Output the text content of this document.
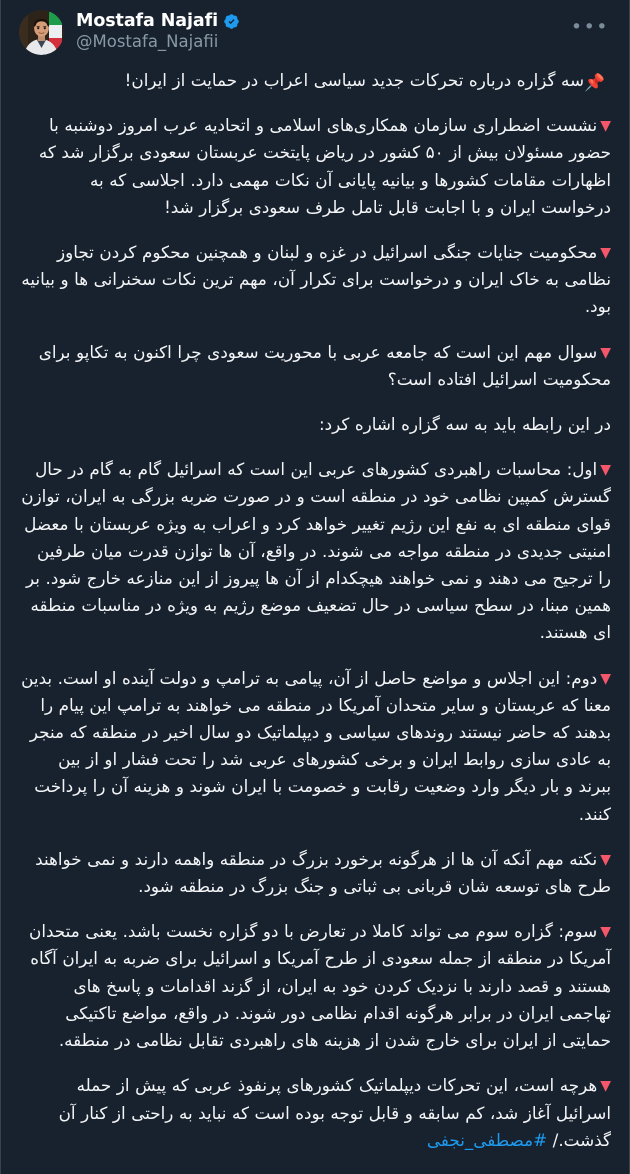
•••
Mostafa Najafi
@Mostafa_Najafii

📌سه گزاره درباره تحرکات جدید سیاسی اعراب در حمایت از ایران!

▼نشست اضطراری سازمان همکاری‌های اسلامی و اتحادیه عرب امروز دوشنبه با حضور مسئولان بیش از ۵۰ کشور در ریاض پایتخت عربستان سعودی برگزار شد که اظهارات مقامات کشورها و بیانیه پایانی آن نکات مهمی دارد. اجلاسی که به درخواست ایران و با اجابت قابل تامل طرف سعودی برگزار شد!

▼محکومیت جنایات جنگی اسرائیل در غزه و لبنان و همچنین محکوم کردن تجاوز نظامی به خاک ایران و درخواست برای تکرار آن، مهم ترین نکات سخنرانی ها و بیانیه بود.

▼سوال مهم این است که جامعه عربی با محوریت سعودی چرا اکنون به تکاپو برای محکومیت اسرائیل افتاده است؟

در این رابطه باید به سه گزاره اشاره کرد:

▼اول: محاسبات راهبردی کشورهای عربی این است که اسرائیل گام به گام در حال گسترش کمپین نظامی خود در منطقه است و در صورت ضربه بزرگی به ایران، توازن قوای منطقه ای به نفع این رژیم تغییر خواهد کرد و اعراب به ویژه عربستان با معضل امنیتی جدیدی در منطقه مواجه می شوند. در واقع، آن ها توازن قدرت میان طرفین را ترجیح می دهند و نمی خواهند هیچکدام از آن ها پیروز از این منازعه خارج شود. بر همین مبنا، در سطح سیاسی در حال تضعیف موضع رژیم به ویژه در مناسبات منطقه ای هستند.

▼دوم: این اجلاس و مواضع حاصل از آن، پیامی به ترامپ و دولت آینده او است. بدین معنا که عربستان و سایر متحدان آمریکا در منطقه می خواهند به ترامپ این پیام را بدهند که حاضر نیستند روندهای سیاسی و دیپلماتیک دو سال اخیر در منطقه که منجر به عادی سازی روابط ایران و برخی کشورهای عربی شد را تحت فشار او از بین ببرند و بار دیگر وارد وضعیت رقابت و خصومت با ایران شوند و هزینه آن را پرداخت کنند.

▼نکته مهم آنکه آن ها از هرگونه برخورد بزرگ در منطقه واهمه دارند و نمی خواهند طرح های توسعه شان قربانی بی ثباتی و جنگ بزرگ در منطقه شود.

▼سوم: گزاره سوم می تواند کاملا در تعارض با دو گزاره نخست باشد. یعنی متحدان آمریکا در منطقه از جمله سعودی از طرح آمریکا و اسرائیل برای ضربه به ایران آگاه هستند و قصد دارند با نزدیک کردن خود به ایران، از گزند اقدامات و پاسخ های تهاجمی ایران در برابر هرگونه اقدام نظامی دور شوند. در واقع، مواضع تاکتیکی حمایتی از ایران برای خارج شدن از هزینه های راهبردی تقابل نظامی در منطقه.

▼هرچه است، این تحرکات دیپلماتیک کشورهای پرنفوذ عربی که پیش از حمله اسرائیل آغاز شد، کم سابقه و قابل توجه بوده است که نباید به راحتی از کنار آن گذشت./ #مصطفی_نجفی
